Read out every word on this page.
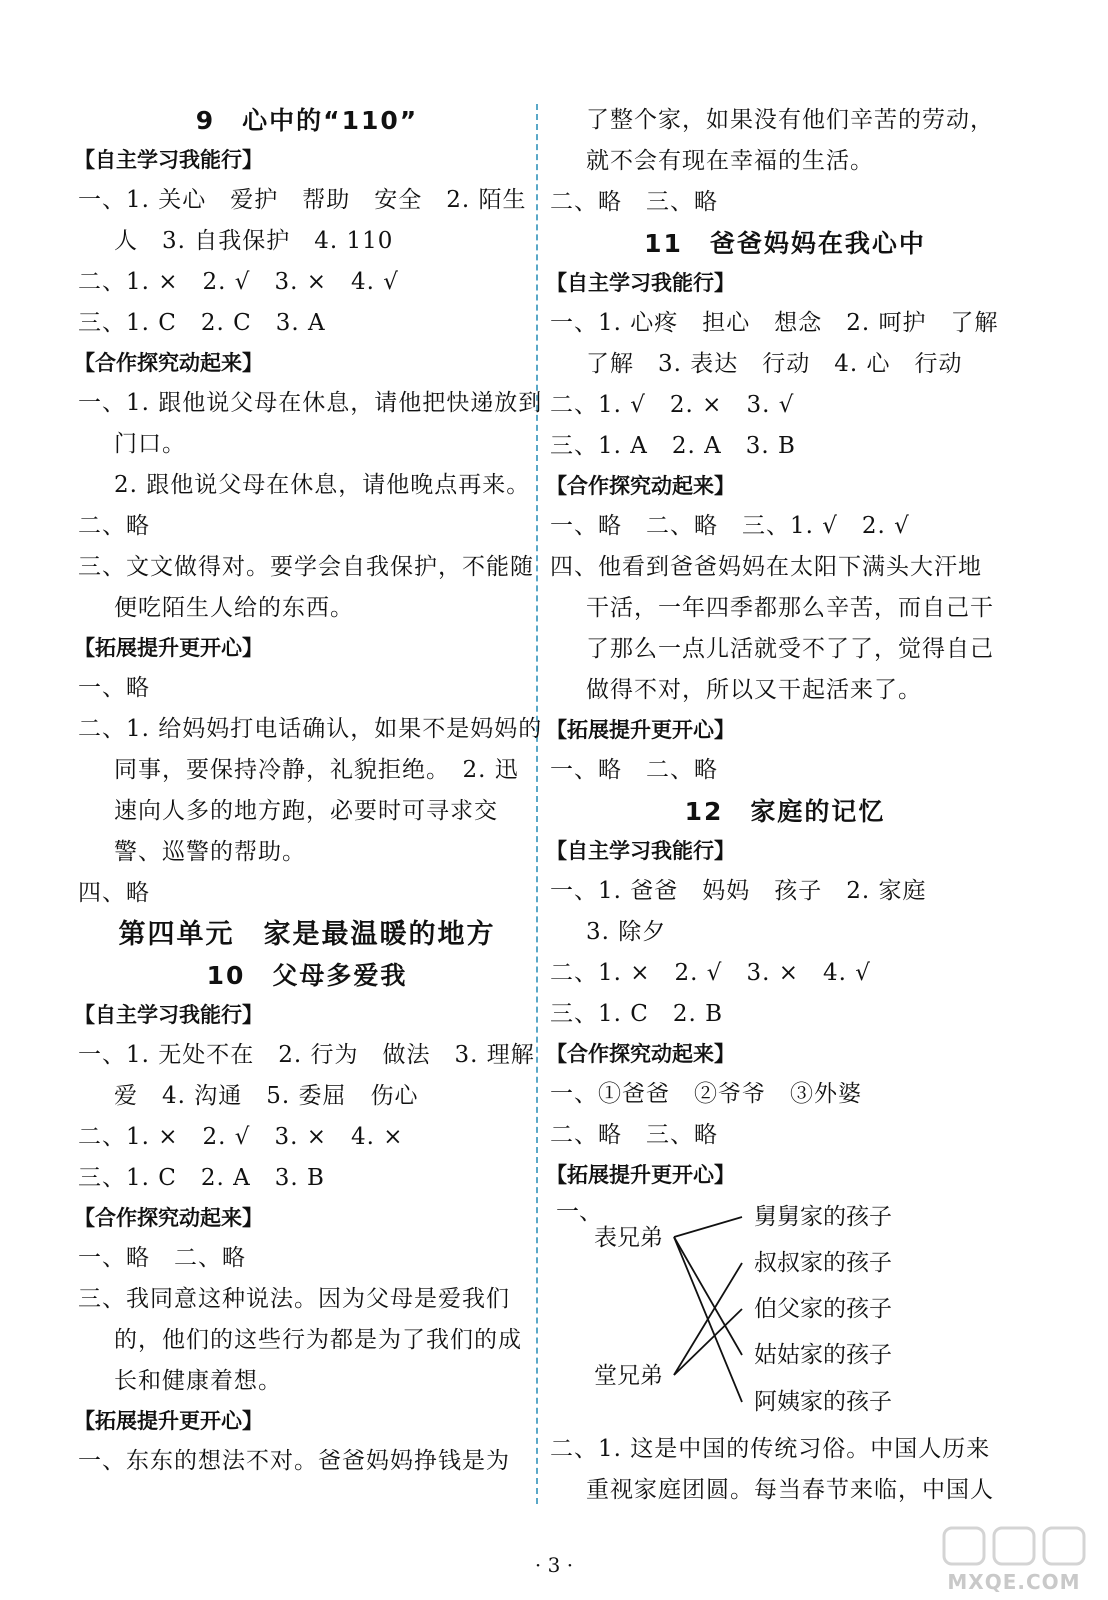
9　心中的“110”
【自主学习我能行】
一、1. 关心　爱护　帮助　安全　2. 陌生
人　3. 自我保护　4. 110
二、1. ×　2. √　3. ×　4. √
三、1. C　2. C　3. A
【合作探究动起来】
一、1. 跟他说父母在休息，请他把快递放到
门口。
2. 跟他说父母在休息，请他晚点再来。
二、略
三、文文做得对。要学会自我保护，不能随
便吃陌生人给的东西。
【拓展提升更开心】
一、略
二、1. 给妈妈打电话确认，如果不是妈妈的
同事，要保持冷静，礼貌拒绝。　2. 迅
速向人多的地方跑，必要时可寻求交
警、巡警的帮助。
四、略
第四单元　家是最温暖的地方
10　父母多爱我
【自主学习我能行】
一、1. 无处不在　2. 行为　做法　3. 理解
爱　4. 沟通　5. 委屈　伤心
二、1. ×　2. √　3. ×　4. ×
三、1. C　2. A　3. B
【合作探究动起来】
一、略　二、略
三、我同意这种说法。因为父母是爱我们
的，他们的这些行为都是为了我们的成
长和健康着想。
【拓展提升更开心】
一、东东的想法不对。爸爸妈妈挣钱是为
了整个家，如果没有他们辛苦的劳动，
就不会有现在幸福的生活。
二、略　三、略
11　爸爸妈妈在我心中
【自主学习我能行】
一、1. 心疼　担心　想念　2. 呵护　了解
了解　3. 表达　行动　4. 心　行动
二、1. √　2. ×　3. √
三、1. A　2. A　3. B
【合作探究动起来】
一、略　二、略　三、1. √　2. √
四、他看到爸爸妈妈在太阳下满头大汗地
干活，一年四季都那么辛苦，而自己干
了那么一点儿活就受不了了，觉得自己
做得不对，所以又干起活来了。
【拓展提升更开心】
一、略　二、略
12　家庭的记忆
【自主学习我能行】
一、1. 爸爸　妈妈　孩子　2. 家庭
3. 除夕
二、1. ×　2. √　3. ×　4. √
三、1. C　2. B
【合作探究动起来】
一、①爸爸　②爷爷　③外婆
二、略　三、略
【拓展提升更开心】
一、
表兄弟
堂兄弟
舅舅家的孩子
叔叔家的孩子
伯父家的孩子
姑姑家的孩子
阿姨家的孩子
二、1. 这是中国的传统习俗。中国人历来
重视家庭团圆。每当春节来临，中国人
· 3 ·
MXQE.COM
